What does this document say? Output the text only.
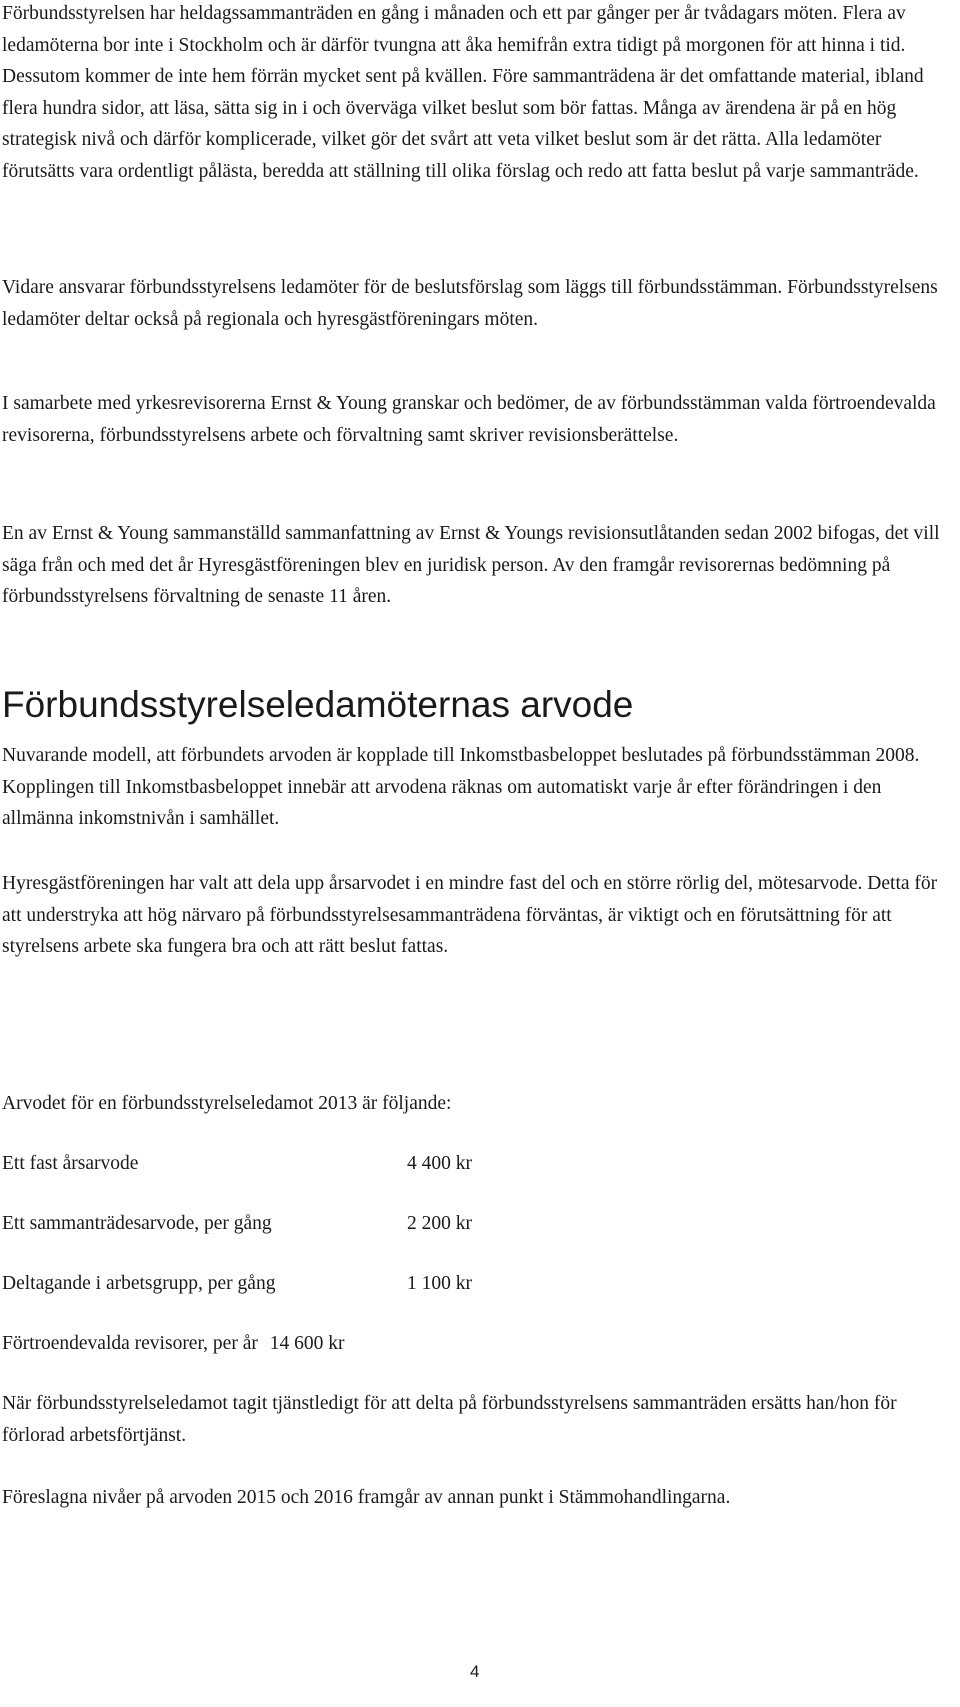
Förbundsstyrelsen har heldagssammanträden en gång i månaden och ett par gånger per år tvådagars möten. Flera av ledamöterna bor inte i Stockholm och är därför tvungna att åka hemifrån extra tidigt på morgonen för att hinna i tid. Dessutom kommer de inte hem förrän mycket sent på kvällen. Före sammanträdena är det omfattande material, ibland flera hundra sidor, att läsa, sätta sig in i och överväga vilket beslut som bör fattas. Många av ärendena är på en hög strategisk nivå och därför komplicerade, vilket gör det svårt att veta vilket beslut som är det rätta. Alla ledamöter förutsätts vara ordentligt pålästa, beredda att ställning till olika förslag och redo att fatta beslut på varje sammanträde.

Vidare ansvarar förbundsstyrelsens ledamöter för de beslutsförslag som läggs till förbundsstämman. Förbundsstyrelsens ledamöter deltar också på regionala och hyresgästföreningars möten.

I samarbete med yrkesrevisorerna Ernst & Young granskar och bedömer, de av förbundsstämman valda förtroendevalda revisorerna, förbundsstyrelsens arbete och förvaltning samt skriver revisionsberättelse.

En av Ernst & Young sammanställd sammanfattning av Ernst & Youngs revisionsutlåtanden sedan 2002 bifogas, det vill säga från och med det år Hyresgästföreningen blev en juridisk person. Av den framgår revisorernas bedömning på förbundsstyrelsens förvaltning de senaste 11 åren.

Förbundsstyrelseledamöternas arvode

Nuvarande modell, att förbundets arvoden är kopplade till Inkomstbasbeloppet beslutades på förbundsstämman 2008. Kopplingen till Inkomstbasbeloppet innebär att arvodena räknas om automatiskt varje år efter förändringen i den allmänna inkomstnivån i samhället.

Hyresgästföreningen har valt att dela upp årsarvodet i en mindre fast del och en större rörlig del, mötesarvode. Detta för att understryka att hög närvaro på förbundsstyrelsesammanträdena förväntas, är viktigt och en förutsättning för att styrelsens arbete ska fungera bra och att rätt beslut fattas.

Arvodet för en förbundsstyrelseledamot 2013 är följande:

Ett fast årsarvode	4 400 kr
Ett sammanträdesarvode, per gång	2 200 kr
Deltagande i arbetsgrupp, per gång	1 100 kr
Förtroendevalda revisorer, per år 14 600 kr

När förbundsstyrelseledamot tagit tjänstledigt för att delta på förbundsstyrelsens sammanträden ersätts han/hon för förlorad arbetsförtjänst.

Föreslagna nivåer på arvoden 2015 och 2016 framgår av annan punkt i Stämmohandlingarna.

4
